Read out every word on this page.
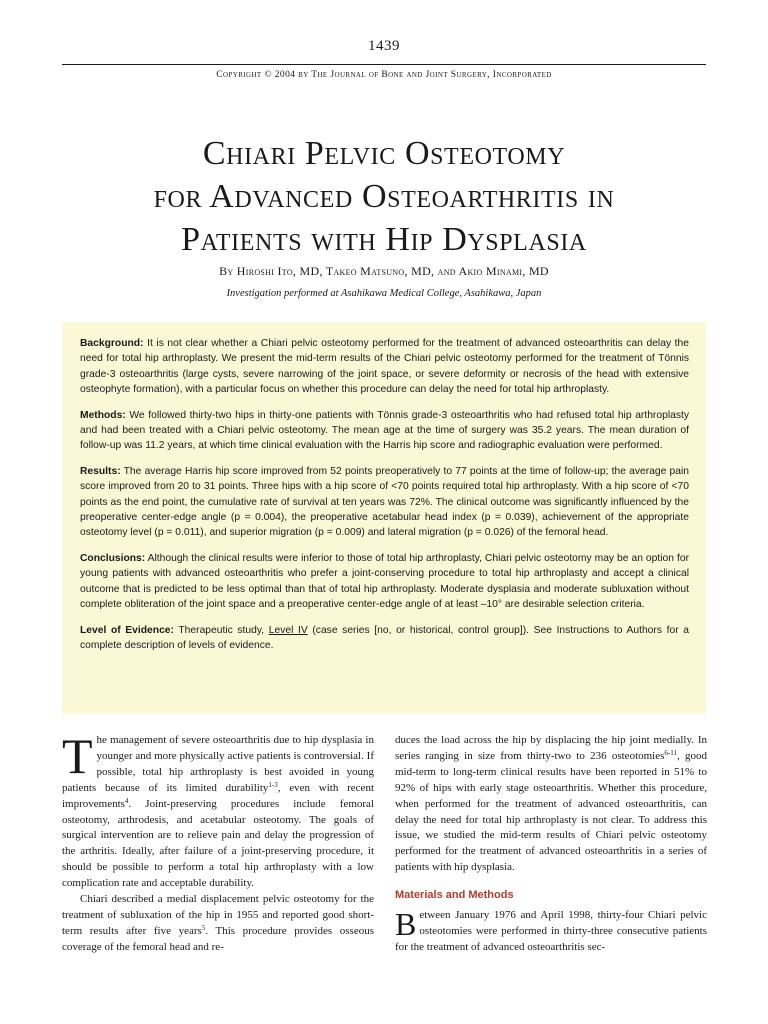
1439
Copyright © 2004 by The Journal of Bone and Joint Surgery, Incorporated
Chiari Pelvic Osteotomy
for Advanced Osteoarthritis in
Patients with Hip Dysplasia
By Hiroshi Ito, MD, Takeo Matsuno, MD, and Akio Minami, MD
Investigation performed at Asahikawa Medical College, Asahikawa, Japan

Background: It is not clear whether a Chiari pelvic osteotomy performed for the treatment of advanced osteoarthritis can delay the need for total hip arthroplasty. We present the mid-term results of the Chiari pelvic osteotomy performed for the treatment of Tönnis grade-3 osteoarthritis (large cysts, severe narrowing of the joint space, or severe deformity or necrosis of the head with extensive osteophyte formation), with a particular focus on whether this procedure can delay the need for total hip arthroplasty.

Methods: We followed thirty-two hips in thirty-one patients with Tönnis grade-3 osteoarthritis who had refused total hip arthroplasty and had been treated with a Chiari pelvic osteotomy. The mean age at the time of surgery was 35.2 years. The mean duration of follow-up was 11.2 years, at which time clinical evaluation with the Harris hip score and radiographic evaluation were performed.

Results: The average Harris hip score improved from 52 points preoperatively to 77 points at the time of follow-up; the average pain score improved from 20 to 31 points. Three hips with a hip score of <70 points required total hip arthroplasty. With a hip score of <70 points as the end point, the cumulative rate of survival at ten years was 72%. The clinical outcome was significantly influenced by the preoperative center-edge angle (p = 0.004), the preoperative acetabular head index (p = 0.039), achievement of the appropriate osteotomy level (p = 0.011), and superior migration (p = 0.009) and lateral migration (p = 0.026) of the femoral head.

Conclusions: Although the clinical results were inferior to those of total hip arthroplasty, Chiari pelvic osteotomy may be an option for young patients with advanced osteoarthritis who prefer a joint-conserving procedure to total hip arthroplasty and accept a clinical outcome that is predicted to be less optimal than that of total hip arthroplasty. Moderate dysplasia and moderate subluxation without complete obliteration of the joint space and a preoperative center-edge angle of at least –10° are desirable selection criteria.

Level of Evidence: Therapeutic study, Level IV (case series [no, or historical, control group]). See Instructions to Authors for a complete description of levels of evidence.

The management of severe osteoarthritis due to hip dysplasia in younger and more physically active patients is controversial. If possible, total hip arthroplasty is best avoided in young patients because of its limited durability$^{1-3}$, even with recent improvements$^4$. Joint-preserving procedures include femoral osteotomy, arthrodesis, and acetabular osteotomy. The goals of surgical intervention are to relieve pain and delay the progression of the arthritis. Ideally, after failure of a joint-preserving procedure, it should be possible to perform a total hip arthroplasty with a low complication rate and acceptable durability.

Chiari described a medial displacement pelvic osteotomy for the treatment of subluxation of the hip in 1955 and reported good short-term results after five years$^5$. This procedure provides osseous coverage of the femoral head and re-

duces the load across the hip by displacing the hip joint medially. In series ranging in size from thirty-two to 236 osteotomies$^{6-11}$, good mid-term to long-term clinical results have been reported in 51% to 92% of hips with early stage osteoarthritis. Whether this procedure, when performed for the treatment of advanced osteoarthritis, can delay the need for total hip arthroplasty is not clear. To address this issue, we studied the mid-term results of Chiari pelvic osteotomy performed for the treatment of advanced osteoarthritis in a series of patients with hip dysplasia.

Materials and Methods

Between January 1976 and April 1998, thirty-four Chiari pelvic osteotomies were performed in thirty-three consecutive patients for the treatment of advanced osteoarthritis sec-
